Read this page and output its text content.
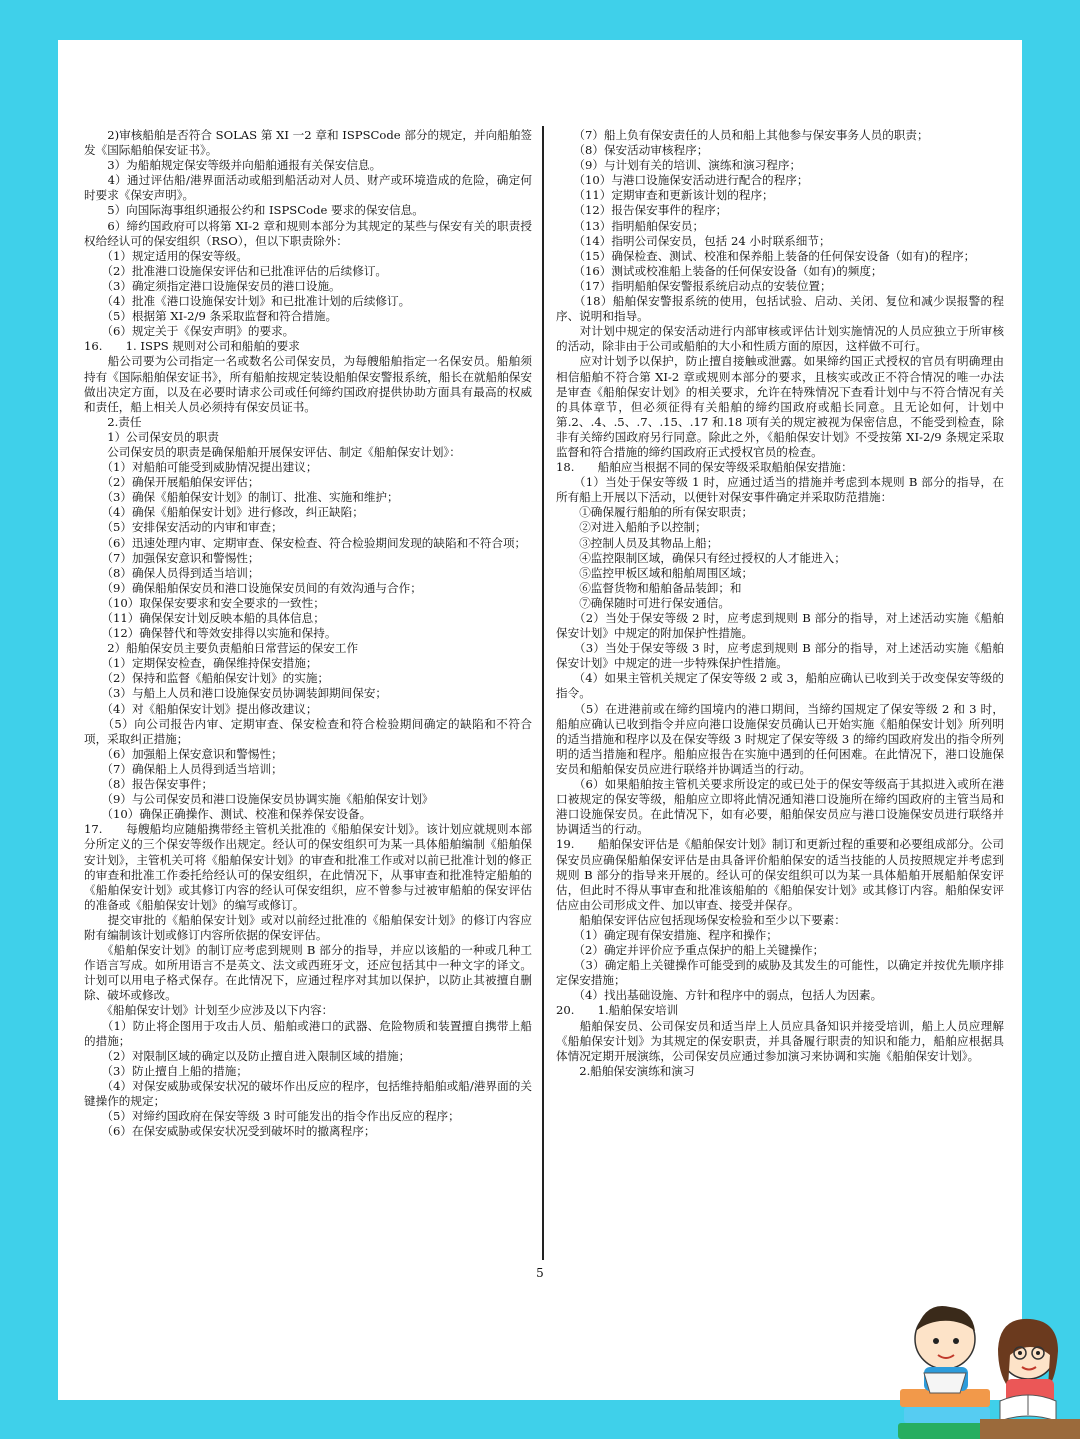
　　2)审核船舶是否符合 SOLAS 第 XI 一2 章和 ISPSCode 部分的规定，并向船舶签发《国际船舶保安证书》。

　　3）为船舶规定保安等级并向船舶通报有关保安信息。

　　4）通过评估船/港界面活动或船到船活动对人员、财产或环境造成的危险，确定何时要求《保安声明》。

　　5）向国际海事组织通报公约和 ISPSCode 要求的保安信息。

　　6）缔约国政府可以将第 XI-2 章和规则本部分为其规定的某些与保安有关的职责授权给经认可的保安组织（RSO），但以下职责除外：

　　（1）规定适用的保安等级。

　　（2）批准港口设施保安评估和已批准评估的后续修订。

　　（3）确定须指定港口设施保安员的港口设施。

　　（4）批准《港口设施保安计划》和已批准计划的后续修订。

　　（5）根据第 XI-2/9 条采取监督和符合措施。

　　（6）规定关于《保安声明》的要求。

16.　　1. ISPS 规则对公司和船舶的要求

　　船公司要为公司指定一名或数名公司保安员，为每艘船舶指定一名保安员。船舶须持有《国际船舶保安证书》，所有船舶按规定装设船舶保安警报系统，船长在就船舶保安做出决定方面，以及在必要时请求公司或任何缔约国政府提供协助方面具有最高的权威和责任，船上相关人员必须持有保安员证书。

　　2.责任

　　1）公司保安员的职责

　　公司保安员的职责是确保船舶开展保安评估、制定《船舶保安计划》：

　　（1）对船舶可能受到威胁情况提出建议；

　　（2）确保开展船舶保安评估；

　　（3）确保《船舶保安计划》的制订、批准、实施和维护；

　　（4）确保《船舶保安计划》进行修改，纠正缺陷；

　　（5）安排保安活动的内审和审查；

　　（6）迅速处理内审、定期审查、保安检查、符合检验期间发现的缺陷和不符合项；

　　（7）加强保安意识和警惕性；

　　（8）确保人员得到适当培训；

　　（9）确保船舶保安员和港口设施保安员间的有效沟通与合作；

　　（10）取保保安要求和安全要求的一致性；

　　（11）确保保安计划反映本船的具体信息；

　　（12）确保替代和等效安排得以实施和保持。

　　2）船舶保安员主要负责船舶日常营运的保安工作

　　（1）定期保安检查，确保维持保安措施；

　　（2）保持和监督《船舶保安计划》的实施；

　　（3）与船上人员和港口设施保安员协调装卸期间保安；

　　（4）对《船舶保安计划》提出修改建议；

　　（5）向公司报告内审、定期审查、保安检查和符合检验期间确定的缺陷和不符合项，采取纠正措施；

　　（6）加强船上保安意识和警惕性；

　　（7）确保船上人员得到适当培训；

　　（8）报告保安事件；

　　（9）与公司保安员和港口设施保安员协调实施《船舶保安计划》

　　（10）确保正确操作、测试、校准和保养保安设备。

17.　　每艘船均应随船携带经主管机关批准的《船舶保安计划》。该计划应就规则本部分所定义的三个保安等级作出规定。经认可的保安组织可为某一具体船舶编制《船舶保安计划》，主管机关可将《船舶保安计划》的审查和批准工作或对以前已批准计划的修正的审查和批准工作委托给经认可的保安组织，在此情况下，从事审查和批准特定船舶的《船舶保安计划》或其修订内容的经认可保安组织，应不曾参与过被审船舶的保安评估的准备或《船舶保安计划》的编写或修订。

　　提交审批的《船舶保安计划》或对以前经过批准的《船舶保安计划》的修订内容应附有编制该计划或修订内容所依据的保安评估。

　　《船舶保安计划》的制订应考虑到规则 B 部分的指导，并应以该船的一种或几种工作语言写成。如所用语言不是英文、法文或西班牙文，还应包括其中一种文字的译文。计划可以用电子格式保存。在此情况下，应通过程序对其加以保护，以防止其被擅自删除、破坏或修改。

　　《船舶保安计划》计划至少应涉及以下内容：

　　（1）防止将企图用于攻击人员、船舶或港口的武器、危险物质和装置擅自携带上船的措施；

　　（2）对限制区域的确定以及防止擅自进入限制区域的措施；

　　（3）防止擅自上船的措施；

　　（4）对保安威胁或保安状况的破坏作出反应的程序，包括维持船舶或船/港界面的关键操作的规定；

　　（5）对缔约国政府在保安等级 3 时可能发出的指令作出反应的程序；

　　（6）在保安威胁或保安状况受到破坏时的撤离程序；

　　（7）船上负有保安责任的人员和船上其他参与保安事务人员的职责；

　　（8）保安活动审核程序；

　　（9）与计划有关的培训、演练和演习程序；

　　（10）与港口设施保安活动进行配合的程序；

　　（11）定期审查和更新该计划的程序；

　　（12）报告保安事件的程序；

　　（13）指明船舶保安员；

　　（14）指明公司保安员，包括 24 小时联系细节；

　　（15）确保检查、测试、校准和保养船上装备的任何保安设备（如有)的程序；

　　（16）测试或校准船上装备的任何保安设备（如有)的频度；

　　（17）指明船舶保安警报系统启动点的安装位置；

　　（18）船舶保安警报系统的使用，包括试验、启动、关闭、复位和减少误报警的程序、说明和指导。

　　对计划中规定的保安活动进行内部审核或评估计划实施情况的人员应独立于所审核的活动，除非由于公司或船舶的大小和性质方面的原因，这样做不可行。

　　应对计划予以保护，防止擅自接触或泄露。如果缔约国正式授权的官员有明确理由相信船舶不符合第 XI-2 章或规则本部分的要求，且核实或改正不符合情况的唯一办法是审查《船舶保安计划》的相关要求，允许在特殊情况下查看计划中与不符合情况有关的具体章节，但必须征得有关船舶的缔约国政府或船长同意。且无论如何，计划中第.2、.4、.5、.7、.15、.17 和.18 项有关的规定被视为保密信息，不能受到检查，除非有关缔约国政府另行同意。除此之外，《船舶保安计划》不受按第 XI-2/9 条规定采取监督和符合措施的缔约国政府正式授权官员的检查。

18.　　船舶应当根据不同的保安等级采取船舶保安措施：

　　（1）当处于保安等级 1 时，应通过适当的措施并考虑到本规则 B 部分的指导，在所有船上开展以下活动，以便针对保安事件确定并采取防范措施：

　　①确保履行船舶的所有保安职责；

　　②对进入船舶予以控制；

　　③控制人员及其物品上船；

　　④监控限制区域，确保只有经过授权的人才能进入；

　　⑤监控甲板区域和船舶周围区域；

　　⑥监督货物和船舶备品装卸；和

　　⑦确保随时可进行保安通信。

　　（2）当处于保安等级 2 时，应考虑到规则 B 部分的指导，对上述活动实施《船舶保安计划》中规定的附加保护性措施。

　　（3）当处于保安等级 3 时，应考虑到规则 B 部分的指导，对上述活动实施《船舶保安计划》中规定的进一步特殊保护性措施。

　　（4）如果主管机关规定了保安等级 2 或 3，船舶应确认已收到关于改变保安等级的指令。

　　（5）在进港前或在缔约国境内的港口期间，当缔约国规定了保安等级 2 和 3 时，船舶应确认已收到指令并应向港口设施保安员确认已开始实施《船舶保安计划》所列明的适当措施和程序以及在保安等级 3 时规定了保安等级 3 的缔约国政府发出的指令所列明的适当措施和程序。船舶应报告在实施中遇到的任何困难。在此情况下，港口设施保安员和船舶保安员应进行联络并协调适当的行动。

　　（6）如果船舶按主管机关要求所设定的或已处于的保安等级高于其拟进入或所在港口被规定的保安等级，船舶应立即将此情况通知港口设施所在缔约国政府的主管当局和港口设施保安员。在此情况下，如有必要，船舶保安员应与港口设施保安员进行联络并协调适当的行动。

19.　　船舶保安评估是《船舶保安计划》制订和更新过程的重要和必要组成部分。公司保安员应确保船舶保安评估是由具备评价船舶保安的适当技能的人员按照规定并考虑到规则 B 部分的指导来开展的。经认可的保安组织可以为某一具体船舶开展船舶保安评估，但此时不得从事审查和批准该船舶的《船舶保安计划》或其修订内容。船舶保安评估应由公司形成文件、加以审查、接受并保存。

　　船舶保安评估应包括现场保安检验和至少以下要素：

　　（1）确定现有保安措施、程序和操作；

　　（2）确定并评价应予重点保护的船上关键操作；

　　（3）确定船上关键操作可能受到的威胁及其发生的可能性，以确定并按优先顺序排定保安措施；

　　（4）找出基础设施、方针和程序中的弱点，包括人为因素。

20.　　1.船舶保安培训

　　船舶保安员、公司保安员和适当岸上人员应具备知识并接受培训，船上人员应理解《船舶保安计划》为其规定的保安职责，并具备履行职责的知识和能力，船舶应根据具体情况定期开展演练，公司保安员应通过参加演习来协调和实施《船舶保安计划》。

　　2.船舶保安演练和演习

5
